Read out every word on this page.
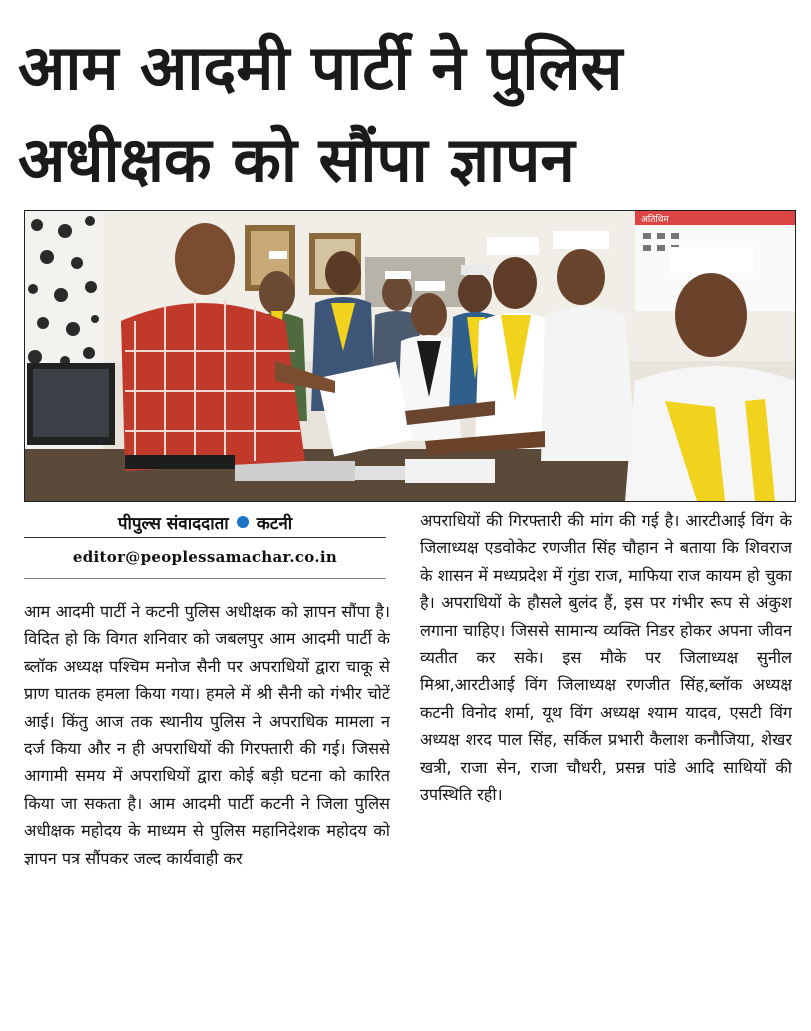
आम आदमी पार्टी ने पुलिस
अधीक्षक को सौंपा ज्ञापन
अतिथिम
पीपुल्स संवाददाता कटनी
editor@peoplessamachar.co.in

आम आदमी पार्टी ने कटनी पुलिस अधीक्षक को ज्ञापन सौंपा है। विदित हो कि विगत शनिवार को जबलपुर आम आदमी पार्टी के ब्लॉक अध्यक्ष पश्चिम मनोज सैनी पर अपराधियों द्वारा चाकू से प्राण घातक हमला किया गया। हमले में श्री सैनी को गंभीर चोटें आई। किंतु आज तक स्थानीय पुलिस ने अपराधिक मामला न दर्ज किया और न ही अपराधियों की गिरफ्तारी की गई। जिससे आगामी समय में अपराधियों द्वारा कोई बड़ी घटना को कारित किया जा सकता है। आम आदमी पार्टी कटनी ने जिला पुलिस अधीक्षक महोदय के माध्यम से पुलिस महानिदेशक महोदय को ज्ञापन पत्र सौंपकर जल्द कार्यवाही कर

अपराधियों की गिरफ्तारी की मांग की गई है। आरटीआई विंग के जिलाध्यक्ष एडवोकेट रणजीत सिंह चौहान ने बताया कि शिवराज के शासन में मध्यप्रदेश में गुंडा राज, माफिया राज कायम हो चुका है। अपराधियों के हौसले बुलंद हैं, इस पर गंभीर रूप से अंकुश लगाना चाहिए। जिससे सामान्य व्यक्ति निडर होकर अपना जीवन व्यतीत कर सके। इस मौके पर जिलाध्यक्ष सुनील मिश्रा,आरटीआई विंग जिलाध्यक्ष रणजीत सिंह,ब्लॉक अध्यक्ष कटनी विनोद शर्मा, यूथ विंग अध्यक्ष श्याम यादव, एसटी विंग अध्यक्ष शरद पाल सिंह, सर्किल प्रभारी कैलाश कनौजिया, शेखर खत्री, राजा सेन, राजा चौधरी, प्रसन्न पांडे आदि साथियों की उपस्थिति रही।
